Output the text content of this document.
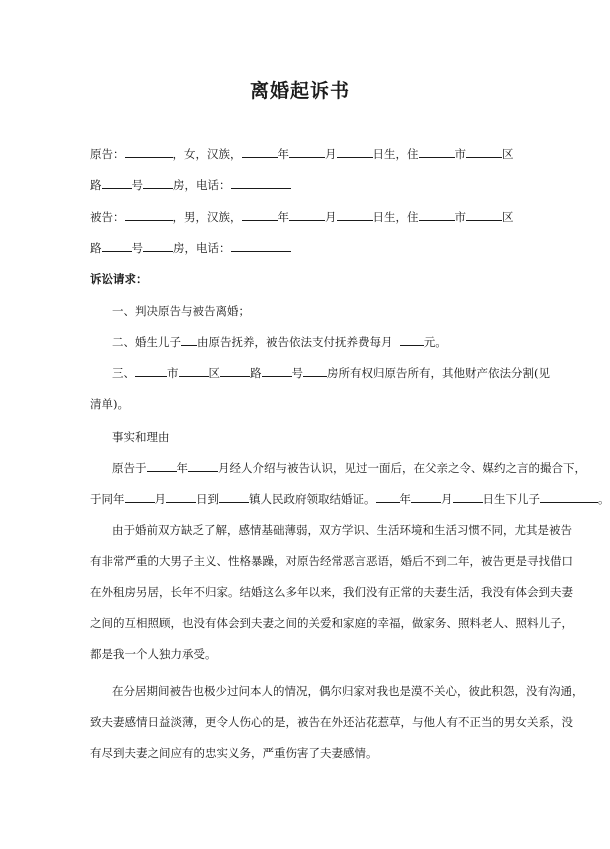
离婚起诉书
原告：	，女，汉族，	年	月	日生，住	市	区
路	号	房，电话：
被告：	，男，汉族，	年	月	日生，住	市	区
路	号	房，电话：
诉讼请求：
一、判决原告与被告离婚；
二、婚生儿子 由原告抚养，被告依法支付抚养费每月	元。
三、	市	区	路	号 房所有权归原告所有，其他财产依法分割(见
清单)。
事实和理由
原告于	年	月经人介绍与被告认识，见过一面后，在父亲之令、媒约之言的撮合下，
于同年	月	日到	镇人民政府领取结婚证。 年	月	日生下儿子	。
由于婚前双方缺乏了解，感情基础薄弱，双方学识、生活环境和生活习惯不同，尤其是被告
有非常严重的大男子主义、性格暴躁，对原告经常恶言恶语，婚后不到二年，被告更是寻找借口
在外租房另居，长年不归家。结婚这么多年以来，我们没有正常的夫妻生活，我没有体会到夫妻
之间的互相照顾，也没有体会到夫妻之间的关爱和家庭的幸福，做家务、照料老人、照料儿子，
都是我一个人独力承受。
在分居期间被告也极少过问本人的情况，偶尔归家对我也是漠不关心，彼此积怨，没有沟通，
致夫妻感情日益淡薄，更令人伤心的是，被告在外还沾花惹草，与他人有不正当的男女关系，没
有尽到夫妻之间应有的忠实义务，严重伤害了夫妻感情。
